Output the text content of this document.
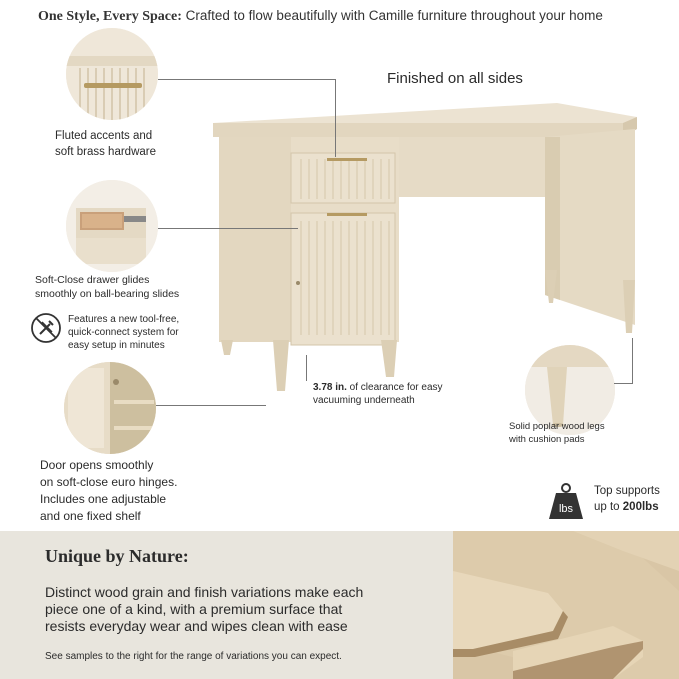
One Style, Every Space: Crafted to flow beautifully with Camille furniture throughout your home
Finished on all sides
Fluted accents and
soft brass hardware
Soft-Close drawer glides
smoothly on ball-bearing slides
Features a new tool-free,
quick-connect system for
easy setup in minutes
Door opens smoothly
on soft-close euro hinges.
Includes one adjustable
and one fixed shelf
Solid poplar wood legs
with cushion pads
3.78 in. of clearance for easy
vacuuming underneath
lbs
Top supports
up to 200lbs
Unique by Nature:
Distinct wood grain and finish variations make each
piece one of a kind, with a premium surface that
resists everyday wear and wipes clean with ease
See samples to the right for the range of variations you can expect.
